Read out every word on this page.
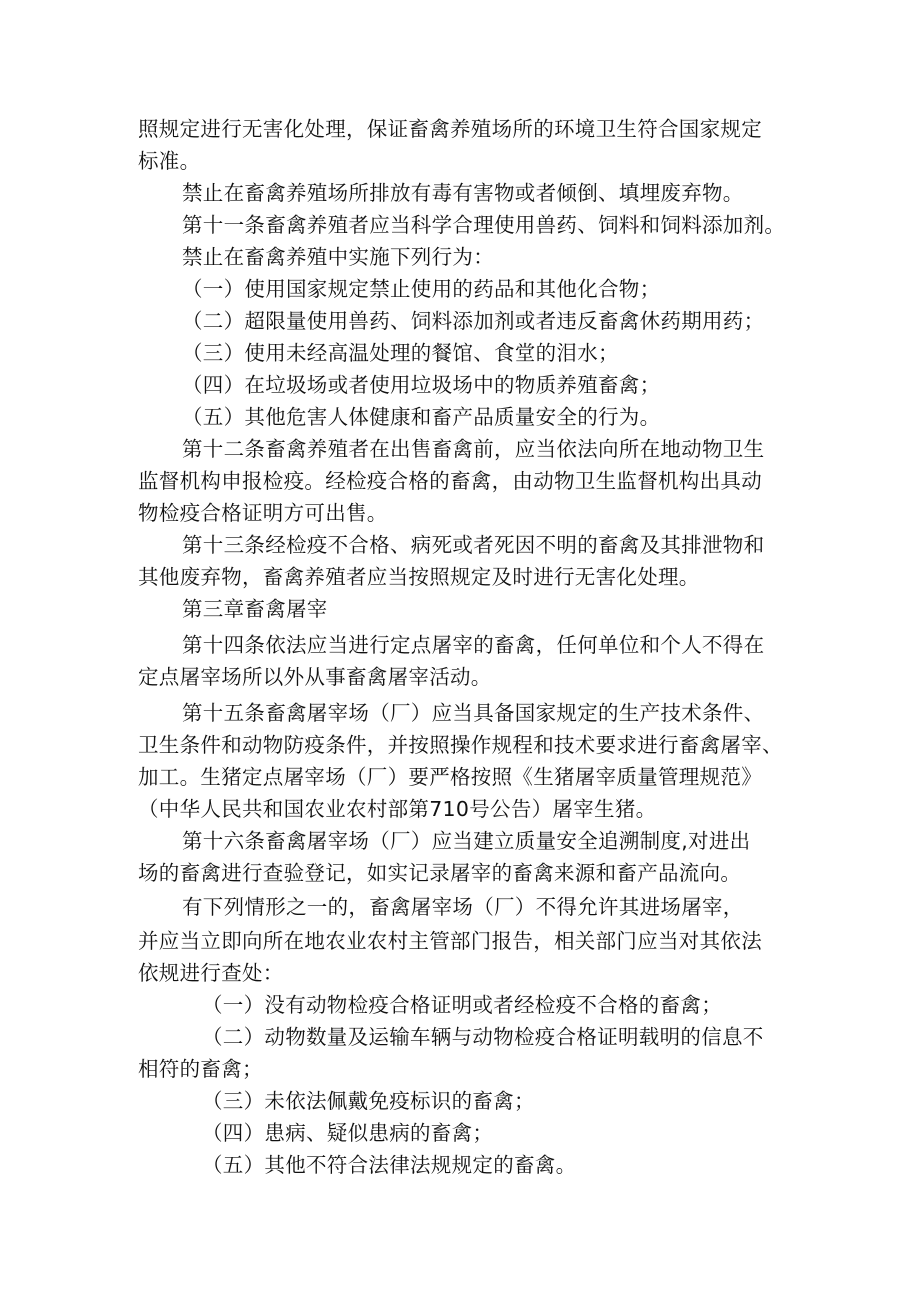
照规定进行无害化处理，保证畜禽养殖场所的环境卫生符合国家规定
标准。
禁止在畜禽养殖场所排放有毒有害物或者倾倒、填埋废弃物。
第十一条畜禽养殖者应当科学合理使用兽药、饲料和饲料添加剂。
禁止在畜禽养殖中实施下列行为：
（一）使用国家规定禁止使用的药品和其他化合物；
（二）超限量使用兽药、饲料添加剂或者违反畜禽休药期用药；
（三）使用未经高温处理的餐馆、食堂的泪水；
（四）在垃圾场或者使用垃圾场中的物质养殖畜禽；
（五）其他危害人体健康和畜产品质量安全的行为。
第十二条畜禽养殖者在出售畜禽前，应当依法向所在地动物卫生
监督机构申报检疫。经检疫合格的畜禽，由动物卫生监督机构出具动
物检疫合格证明方可出售。
第十三条经检疫不合格、病死或者死因不明的畜禽及其排泄物和
其他废弃物，畜禽养殖者应当按照规定及时进行无害化处理。
第三章畜禽屠宰
第十四条依法应当进行定点屠宰的畜禽，任何单位和个人不得在
定点屠宰场所以外从事畜禽屠宰活动。
第十五条畜禽屠宰场（厂）应当具备国家规定的生产技术条件、
卫生条件和动物防疫条件，并按照操作规程和技术要求进行畜禽屠宰、
加工。生猪定点屠宰场（厂）要严格按照《生猪屠宰质量管理规范》
（中华人民共和国农业农村部第710号公告）屠宰生猪。
第十六条畜禽屠宰场（厂）应当建立质量安全追溯制度,对进出
场的畜禽进行查验登记，如实记录屠宰的畜禽来源和畜产品流向。
有下列情形之一的，畜禽屠宰场（厂）不得允许其进场屠宰，
并应当立即向所在地农业农村主管部门报告，相关部门应当对其依法
依规进行查处：
（一）没有动物检疫合格证明或者经检疫不合格的畜禽；
（二）动物数量及运输车辆与动物检疫合格证明载明的信息不
相符的畜禽；
（三）未依法佩戴免疫标识的畜禽；
（四）患病、疑似患病的畜禽；
（五）其他不符合法律法规规定的畜禽。
